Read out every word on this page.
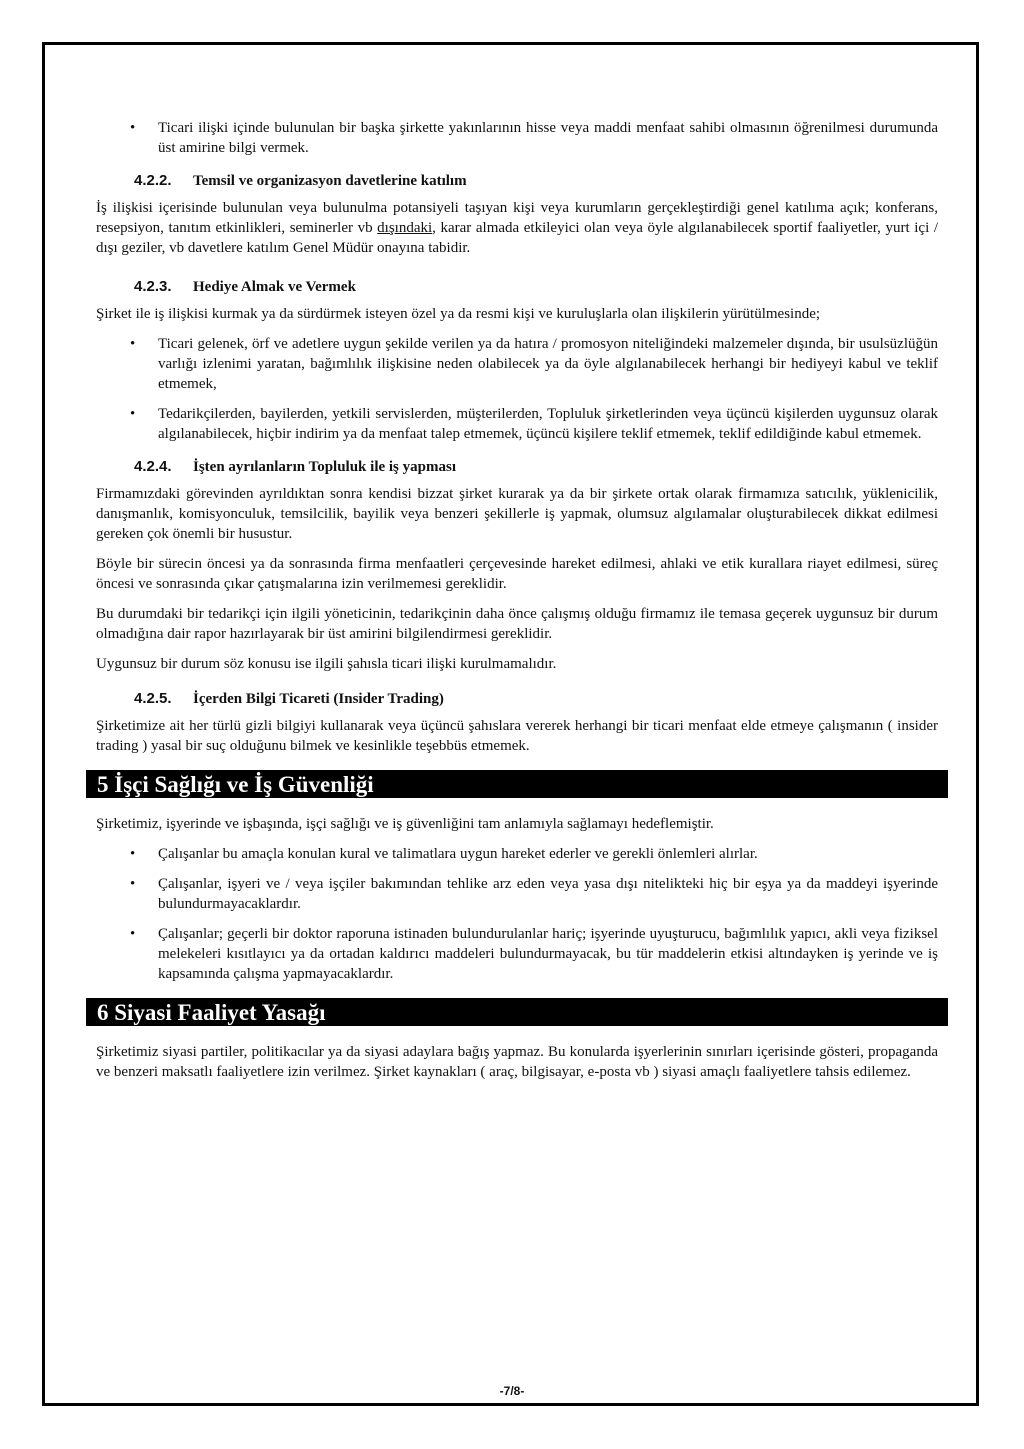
• Ticari ilişki içinde bulunulan bir başka şirkette yakınlarının hisse veya maddi menfaat sahibi olmasının öğrenilmesi durumunda üst amirine bilgi vermek.
4.2.2.	Temsil ve organizasyon davetlerine katılım

İş ilişkisi içerisinde bulunulan veya bulunulma potansiyeli taşıyan kişi veya kurumların gerçekleştirdiği genel katılıma açık; konferans, resepsiyon, tanıtım etkinlikleri, seminerler vb dışındaki, karar almada etkileyici olan veya öyle algılanabilecek sportif faaliyetler, yurt içi / dışı geziler, vb davetlere katılım Genel Müdür onayına tabidir.

4.2.3.	Hediye Almak ve Vermek

Şirket ile iş ilişkisi kurmak ya da sürdürmek isteyen özel ya da resmi kişi ve kuruluşlarla olan ilişkilerin yürütülmesinde;

• Ticari gelenek, örf ve adetlere uygun şekilde verilen ya da hatıra / promosyon niteliğindeki malzemeler dışında, bir usulsüzlüğün varlığı izlenimi yaratan, bağımlılık ilişkisine neden olabilecek ya da öyle algılanabilecek herhangi bir hediyeyi kabul ve teklif etmemek,
• Tedarikçilerden, bayilerden, yetkili servislerden, müşterilerden, Topluluk şirketlerinden veya üçüncü kişilerden uygunsuz olarak algılanabilecek, hiçbir indirim ya da menfaat talep etmemek, üçüncü kişilere teklif etmemek, teklif edildiğinde kabul etmemek.
4.2.4.	İşten ayrılanların Topluluk ile iş yapması

Firmamızdaki görevinden ayrıldıktan sonra kendisi bizzat şirket kurarak ya da bir şirkete ortak olarak firmamıza satıcılık, yüklenicilik, danışmanlık, komisyonculuk, temsilcilik, bayilik veya benzeri şekillerle iş yapmak, olumsuz algılamalar oluşturabilecek dikkat edilmesi gereken çok önemli bir husustur.

Böyle bir sürecin öncesi ya da sonrasında firma menfaatleri çerçevesinde hareket edilmesi, ahlaki ve etik kurallara riayet edilmesi, süreç öncesi ve sonrasında çıkar çatışmalarına izin verilmemesi gereklidir.

Bu durumdaki bir tedarikçi için ilgili yöneticinin, tedarikçinin daha önce çalışmış olduğu firmamız ile temasa geçerek uygunsuz bir durum olmadığına dair rapor hazırlayarak bir üst amirini bilgilendirmesi gereklidir.

Uygunsuz bir durum söz konusu ise ilgili şahısla ticari ilişki kurulmamalıdır.

4.2.5.	İçerden Bilgi Ticareti (Insider Trading)

Şirketimize ait her türlü gizli bilgiyi kullanarak veya üçüncü şahıslara vererek herhangi bir ticari menfaat elde etmeye çalışmanın ( insider trading ) yasal bir suç olduğunu bilmek ve kesinlikle teşebbüs etmemek.

5 İşçi Sağlığı ve İş Güvenliği

Şirketimiz, işyerinde ve işbaşında, işçi sağlığı ve iş güvenliğini tam anlamıyla sağlamayı hedeflemiştir.

• Çalışanlar bu amaçla konulan kural ve talimatlara uygun hareket ederler ve gerekli önlemleri alırlar.
• Çalışanlar, işyeri ve / veya işçiler bakımından tehlike arz eden veya yasa dışı nitelikteki hiç bir eşya ya da maddeyi işyerinde bulundurmayacaklardır.
• Çalışanlar; geçerli bir doktor raporuna istinaden bulundurulanlar hariç; işyerinde uyuşturucu, bağımlılık yapıcı, akli veya fiziksel melekeleri kısıtlayıcı ya da ortadan kaldırıcı maddeleri bulundurmayacak, bu tür maddelerin etkisi altındayken iş yerinde ve iş kapsamında çalışma yapmayacaklardır.
6 Siyasi Faaliyet Yasağı

Şirketimiz siyasi partiler, politikacılar ya da siyasi adaylara bağış yapmaz. Bu konularda işyerlerinin sınırları içerisinde gösteri, propaganda ve benzeri maksatlı faaliyetlere izin verilmez. Şirket kaynakları ( araç, bilgisayar, e-posta vb ) siyasi amaçlı faaliyetlere tahsis edilemez.

-7/8-
